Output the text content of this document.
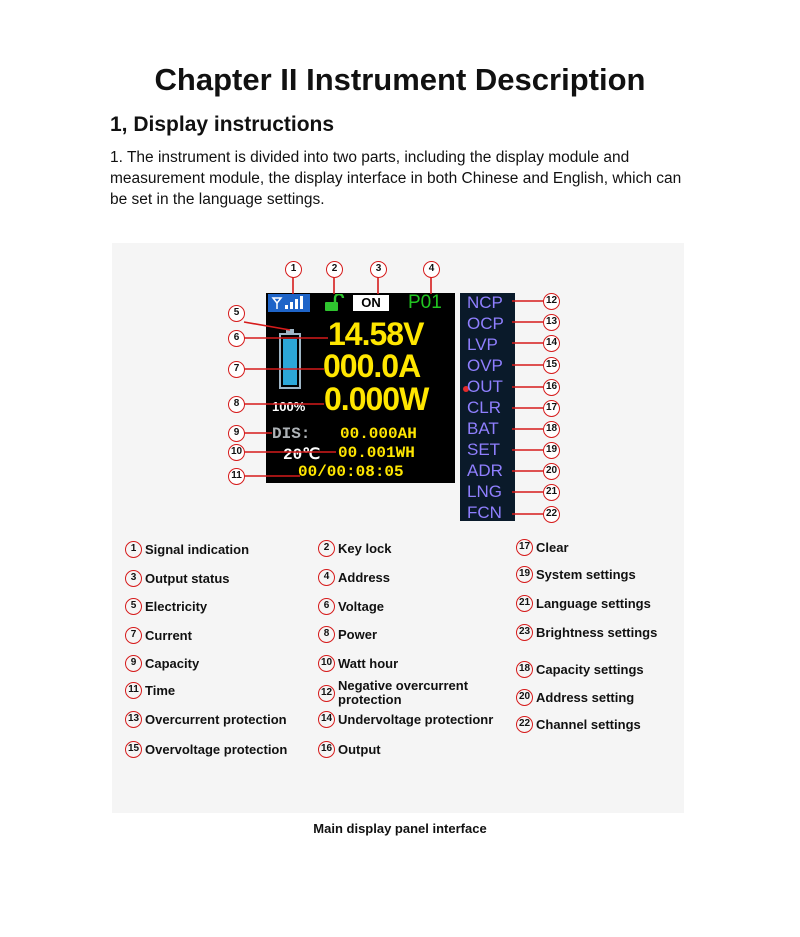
Chapter II Instrument Description
1, Display instructions
1. The instrument is divided into two parts, including the display module and measurement module, the display interface in both Chinese and English, which can be set in the language settings.
ON	P01
100%
14.58V
000.0A
0.000W
DIS: 00.000AH
20℃ 00.001WH
00/00:08:05
NCP
OCP
LVP
OVP
OUT
CLR
BAT
SET
ADR
LNG
FCN
1	2	3	4
5
6
7
8
9
10
11
12
13
14
15
16
17
18
19
20
21
22
1 Signal indication
3 Output status
5 Electricity
7 Current
9 Capacity
11 Time
13 Overcurrent protection
15 Overvoltage protection
2 Key lock
4 Address
6 Voltage
8 Power
10 Watt hour
12 Negative overcurrent protection
14 Undervoltage protectionr
16 Output
17 Clear
19 System settings
21 Language settings
23 Brightness settings
18 Capacity settings
20 Address setting
22 Channel settings
Main display panel interface
